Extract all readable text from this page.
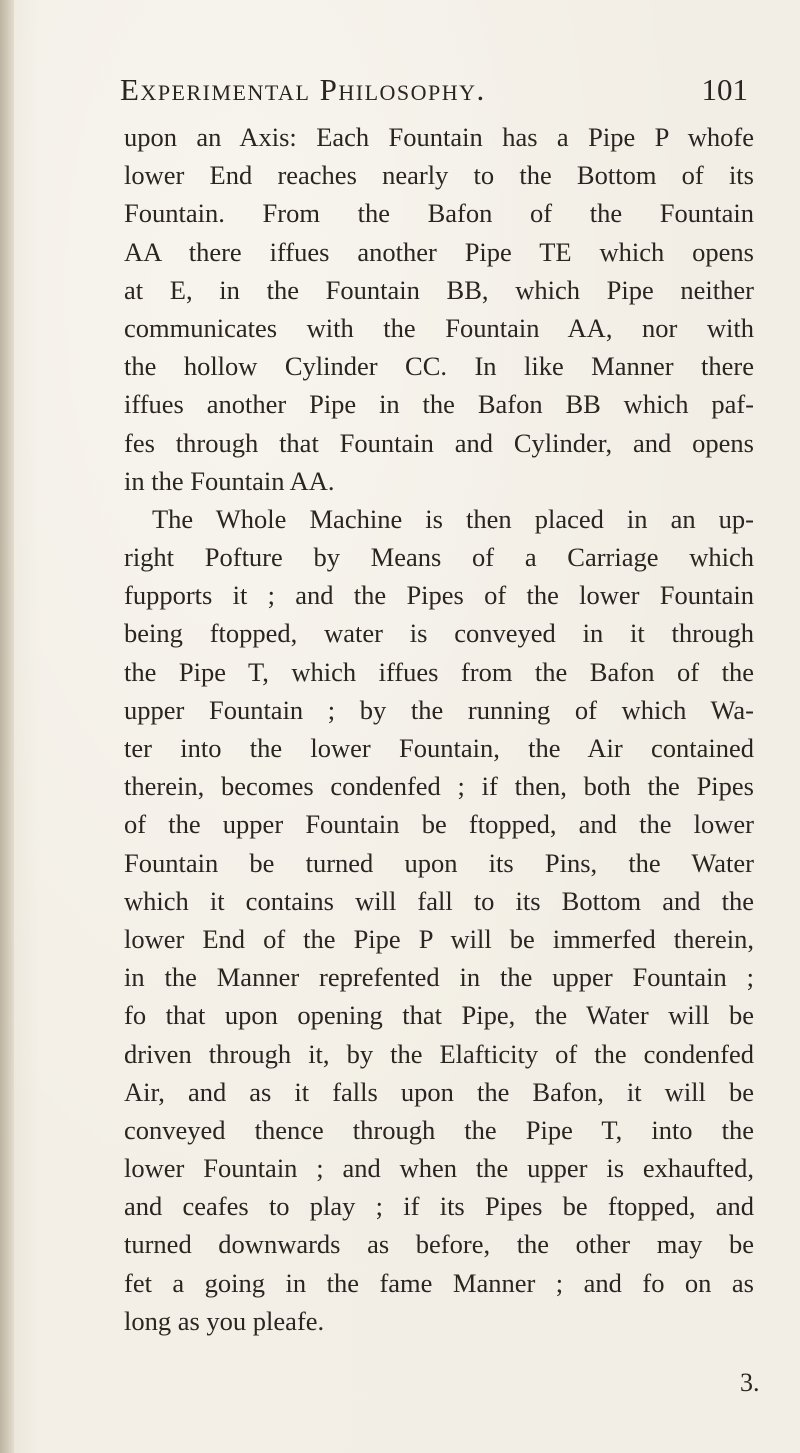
Experimental Philosophy.	101
upon an Axis: Each Fountain has a Pipe P whofe
lower End reaches nearly to the Bottom of its
Fountain. From the Bafon of the Fountain
AA there iffues another Pipe TE which opens
at E, in the Fountain BB, which Pipe neither
communicates with the Fountain AA, nor with
the hollow Cylinder CC. In like Manner there
iffues another Pipe in the Bafon BB which paf-
fes through that Fountain and Cylinder, and opens
in the Fountain AA.
The Whole Machine is then placed in an up-
right Pofture by Means of a Carriage which
fupports it ; and the Pipes of the lower Fountain
being ftopped, water is conveyed in it through
the Pipe T, which iffues from the Bafon of the
upper Fountain ; by the running of which Wa-
ter into the lower Fountain, the Air contained
therein, becomes condenfed ; if then, both the Pipes
of the upper Fountain be ftopped, and the lower
Fountain be turned upon its Pins, the Water
which it contains will fall to its Bottom and the
lower End of the Pipe P will be immerfed therein,
in the Manner reprefented in the upper Fountain ;
fo that upon opening that Pipe, the Water will be
driven through it, by the Elafticity of the condenfed
Air, and as it falls upon the Bafon, it will be
conveyed thence through the Pipe T, into the
lower Fountain ; and when the upper is exhaufted,
and ceafes to play ; if its Pipes be ftopped, and
turned downwards as before, the other may be
fet a going in the fame Manner ; and fo on as
long as you pleafe.
3.
